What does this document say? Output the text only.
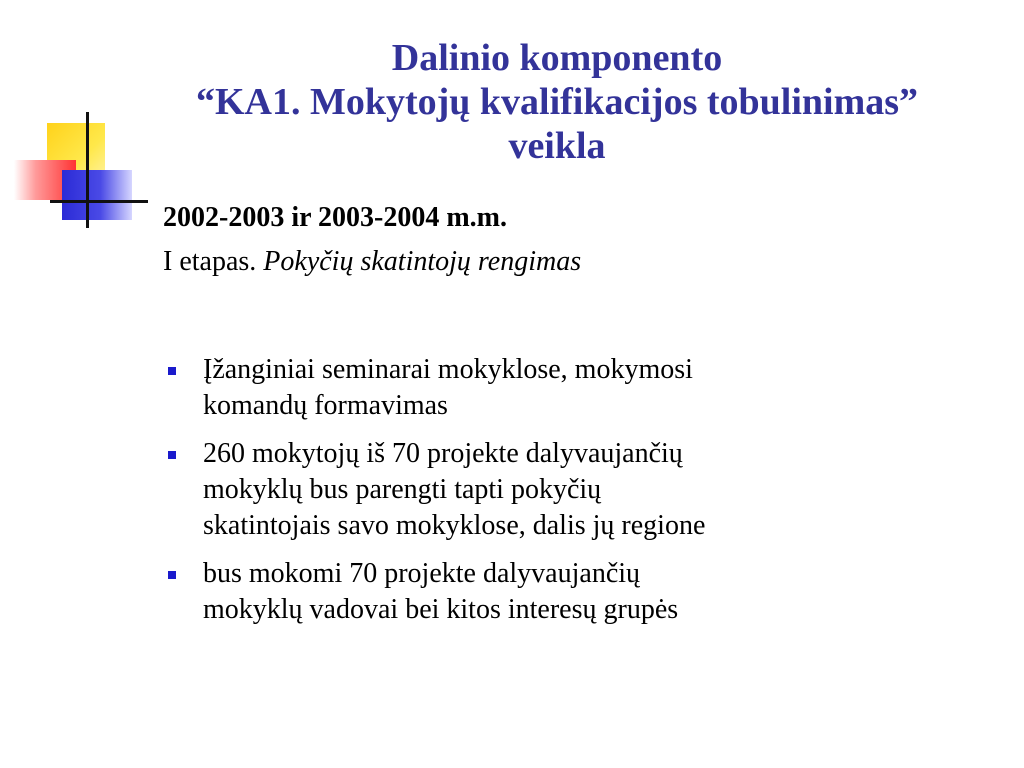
Dalinio komponento
“KA1. Mokytojų kvalifikacijos tobulinimas”
veikla
2002-2003 ir 2003-2004 m.m.
I etapas. Pokyčių skatintojų rengimas
Įžanginiai seminarai mokyklose, mokymosi
komandų formavimas
260 mokytojų iš 70 projekte dalyvaujančių
mokyklų bus parengti tapti pokyčių
skatintojais savo mokyklose, dalis jų regione
bus mokomi 70 projekte dalyvaujančių
mokyklų vadovai bei kitos interesų grupės
